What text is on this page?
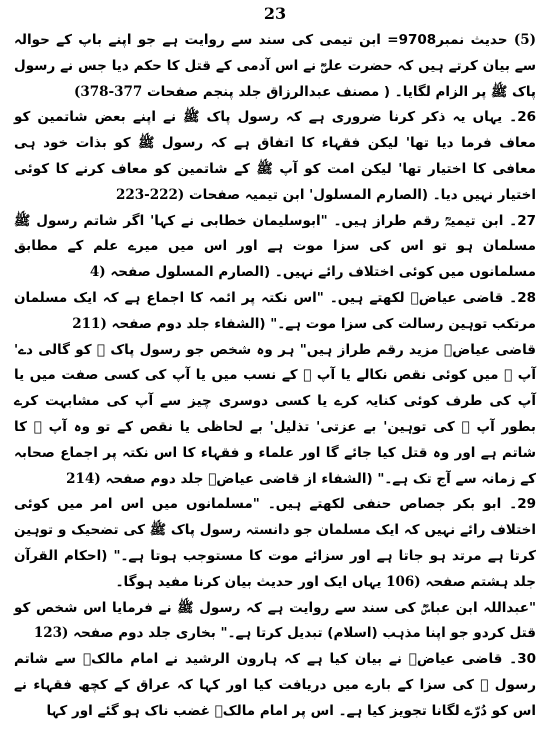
23

(5) حدیث نمبر9708= ابن تیمی کی سند سے روایت ہے جو اپنے باپ کے حوالہ سے بیان کرتے ہیں کہ حضرت علیؓ نے اس آدمی کے قتل کا حکم دیا جس نے رسول پاک ﷺ پر الزام لگایا۔ ( مصنف عبدالرزاق جلد پنجم صفحات (378-377

26۔ یہاں یہ ذکر کرنا ضروری ہے کہ رسول پاک ﷺ نے اپنے بعض شاتمین کو معاف فرما دیا تھا' لیکن فقہاء کا اتفاق ہے کہ رسول ﷺ کو بذات خود ہی معافی کا اختیار تھا' لیکن امت کو آپ ﷺ کے شاتمین کو معاف کرنے کا کوئی اختیار نہیں دیا۔ (الصارم المسلول' ابن تیمیہ صفحات 223-222)

27۔ ابن تیمیہؒ رقم طراز ہیں۔ "ابوسلیمان خطابی نے کہا' اگر شاتم رسول ﷺ مسلمان ہو تو اس کی سزا موت ہے اور اس میں میرے علم کے مطابق مسلمانوں میں کوئی اختلاف رائے نہیں۔ (الصارم المسلول صفحہ 4)

28۔ قاضی عیاضؒ لکھتے ہیں۔ "اس نکتہ پر ائمہ کا اجماع ہے کہ ایک مسلمان مرتکب توہین رسالت کی سزا موت ہے۔" (الشفاء جلد دوم صفحہ 211)

قاضی عیاضؒ مزید رقم طراز ہیں" ہر وہ شخص جو رسول پاک ﷺ کو گالی دے' آپ ﷺ میں کوئی نقص نکالے یا آپ ﷺ کے نسب میں یا آپ کی کسی صفت میں یا آپ کی طرف کوئی کنایہ کرے یا کسی دوسری چیز سے آپ کی مشابہت کرے بطور آپ ﷺ کی توہین' بے عزتی' تذلیل' بے لحاظی یا نقص کے تو وہ آپ ﷺ کا شاتم ہے اور وہ قتل کیا جائے گا اور علماء و فقہاء کا اس نکتہ پر اجماع صحابہ کے زمانہ سے آج تک ہے۔" (الشفاء از قاضی عیاضؒ جلد دوم صفحہ 214)

29۔ ابو بکر جصاص حنفی لکھتے ہیں۔ "مسلمانوں میں اس امر میں کوئی اختلاف رائے نہیں کہ ایک مسلمان جو دانستہ رسول پاک ﷺ کی تضحیک و توہین کرتا ہے مرتد ہو جاتا ہے اور سزائے موت کا مستوجب ہوتا ہے۔" (احکام القرآن جلد ہشتم صفحہ 106) یہاں ایک اور حدیث بیان کرنا مفید ہوگا۔

"عبداللہ ابن عباسؓ کی سند سے روایت ہے کہ رسول ﷺ نے فرمایا اس شخص کو قتل کردو جو اپنا مذہب (اسلام) تبدیل کرتا ہے۔" بخاری جلد دوم صفحہ 123)

30۔ قاضی عیاضؒ نے بیان کیا ہے کہ ہارون الرشید نے امام مالکؒ سے شاتم رسول ﷺ کی سزا کے بارے میں دریافت کیا اور کہا کہ عراق کے کچھ فقہاء نے اس کو دُرّے لگانا تجویز کیا ہے۔ اس پر امام مالکؒ غضب ناک ہو گئے اور کہا
